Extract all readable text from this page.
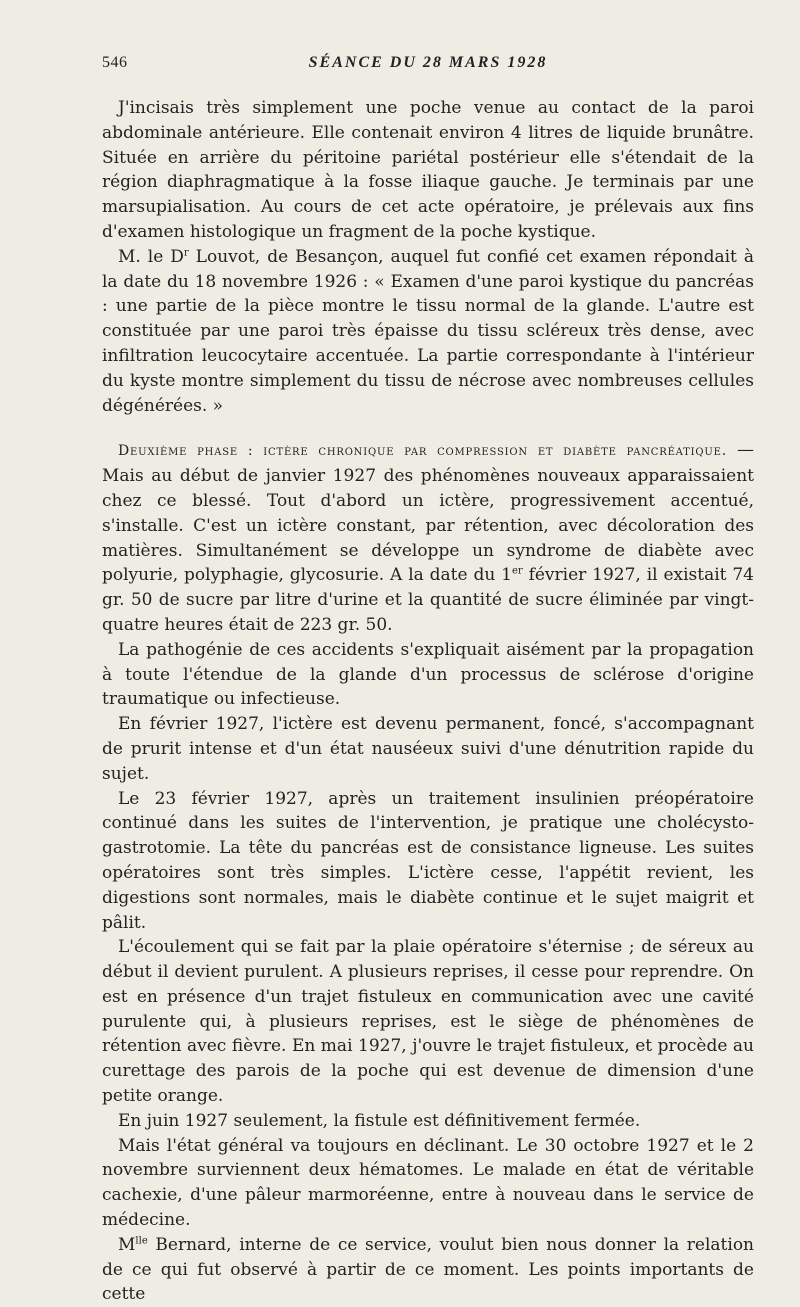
546	SÉANCE DU 28 MARS 1928

J'incisais très simplement une poche venue au contact de la paroi abdominale antérieure. Elle contenait environ 4 litres de liquide brunâtre. Située en arrière du péritoine pariétal postérieur elle s'étendait de la région diaphragmatique à la fosse iliaque gauche. Je terminais par une marsupialisation. Au cours de cet acte opératoire, je prélevais aux fins d'examen histologique un fragment de la poche kystique.

M. le $D^r$ Louvot, de Besançon, auquel fut confié cet examen répondait à la date du 18 novembre 1926 : « Examen d'une paroi kystique du pancréas : une partie de la pièce montre le tissu normal de la glande. L'autre est constituée par une paroi très épaisse du tissu scléreux très dense, avec infiltration leucocytaire accentuée. La partie correspondante à l'intérieur du kyste montre simplement du tissu de nécrose avec nombreuses cellules dégénérées. »

Deuxième phase : ictère chronique par compression et diabète pancréatique. — Mais au début de janvier 1927 des phénomènes nouveaux apparaissaient chez ce blessé. Tout d'abord un ictère, progressivement accentué, s'installe. C'est un ictère constant, par rétention, avec décoloration des matières. Simultanément se développe un syndrome de diabète avec polyurie, polyphagie, glycosurie. A la date du 1er février 1927, il existait 74 gr. 50 de sucre par litre d'urine et la quantité de sucre éliminée par vingt-quatre heures était de 223 gr. 50.

La pathogénie de ces accidents s'expliquait aisément par la propagation à toute l'étendue de la glande d'un processus de sclérose d'origine traumatique ou infectieuse.

En février 1927, l'ictère est devenu permanent, foncé, s'accompagnant de prurit intense et d'un état nauséeux suivi d'une dénutrition rapide du sujet.

Le 23 février 1927, après un traitement insulinien préopératoire continué dans les suites de l'intervention, je pratique une cholécysto-gastrotomie. La tête du pancréas est de consistance ligneuse. Les suites opératoires sont très simples. L'ictère cesse, l'appétit revient, les digestions sont normales, mais le diabète continue et le sujet maigrit et pâlit.

L'écoulement qui se fait par la plaie opératoire s'éternise ; de séreux au début il devient purulent. A plusieurs reprises, il cesse pour reprendre. On est en présence d'un trajet fistuleux en communication avec une cavité purulente qui, à plusieurs reprises, est le siège de phénomènes de rétention avec fièvre. En mai 1927, j'ouvre le trajet fistuleux, et procède au curettage des parois de la poche qui est devenue de dimension d'une petite orange.

En juin 1927 seulement, la fistule est définitivement fermée.

Mais l'état général va toujours en déclinant. Le 30 octobre 1927 et le 2 novembre surviennent deux hématomes. Le malade en état de véritable cachexie, d'une pâleur marmoréenne, entre à nouveau dans le service de médecine.

$M^{lle}$ Bernard, interne de ce service, voulut bien nous donner la relation de ce qui fut observé à partir de ce moment. Les points importants de cette
